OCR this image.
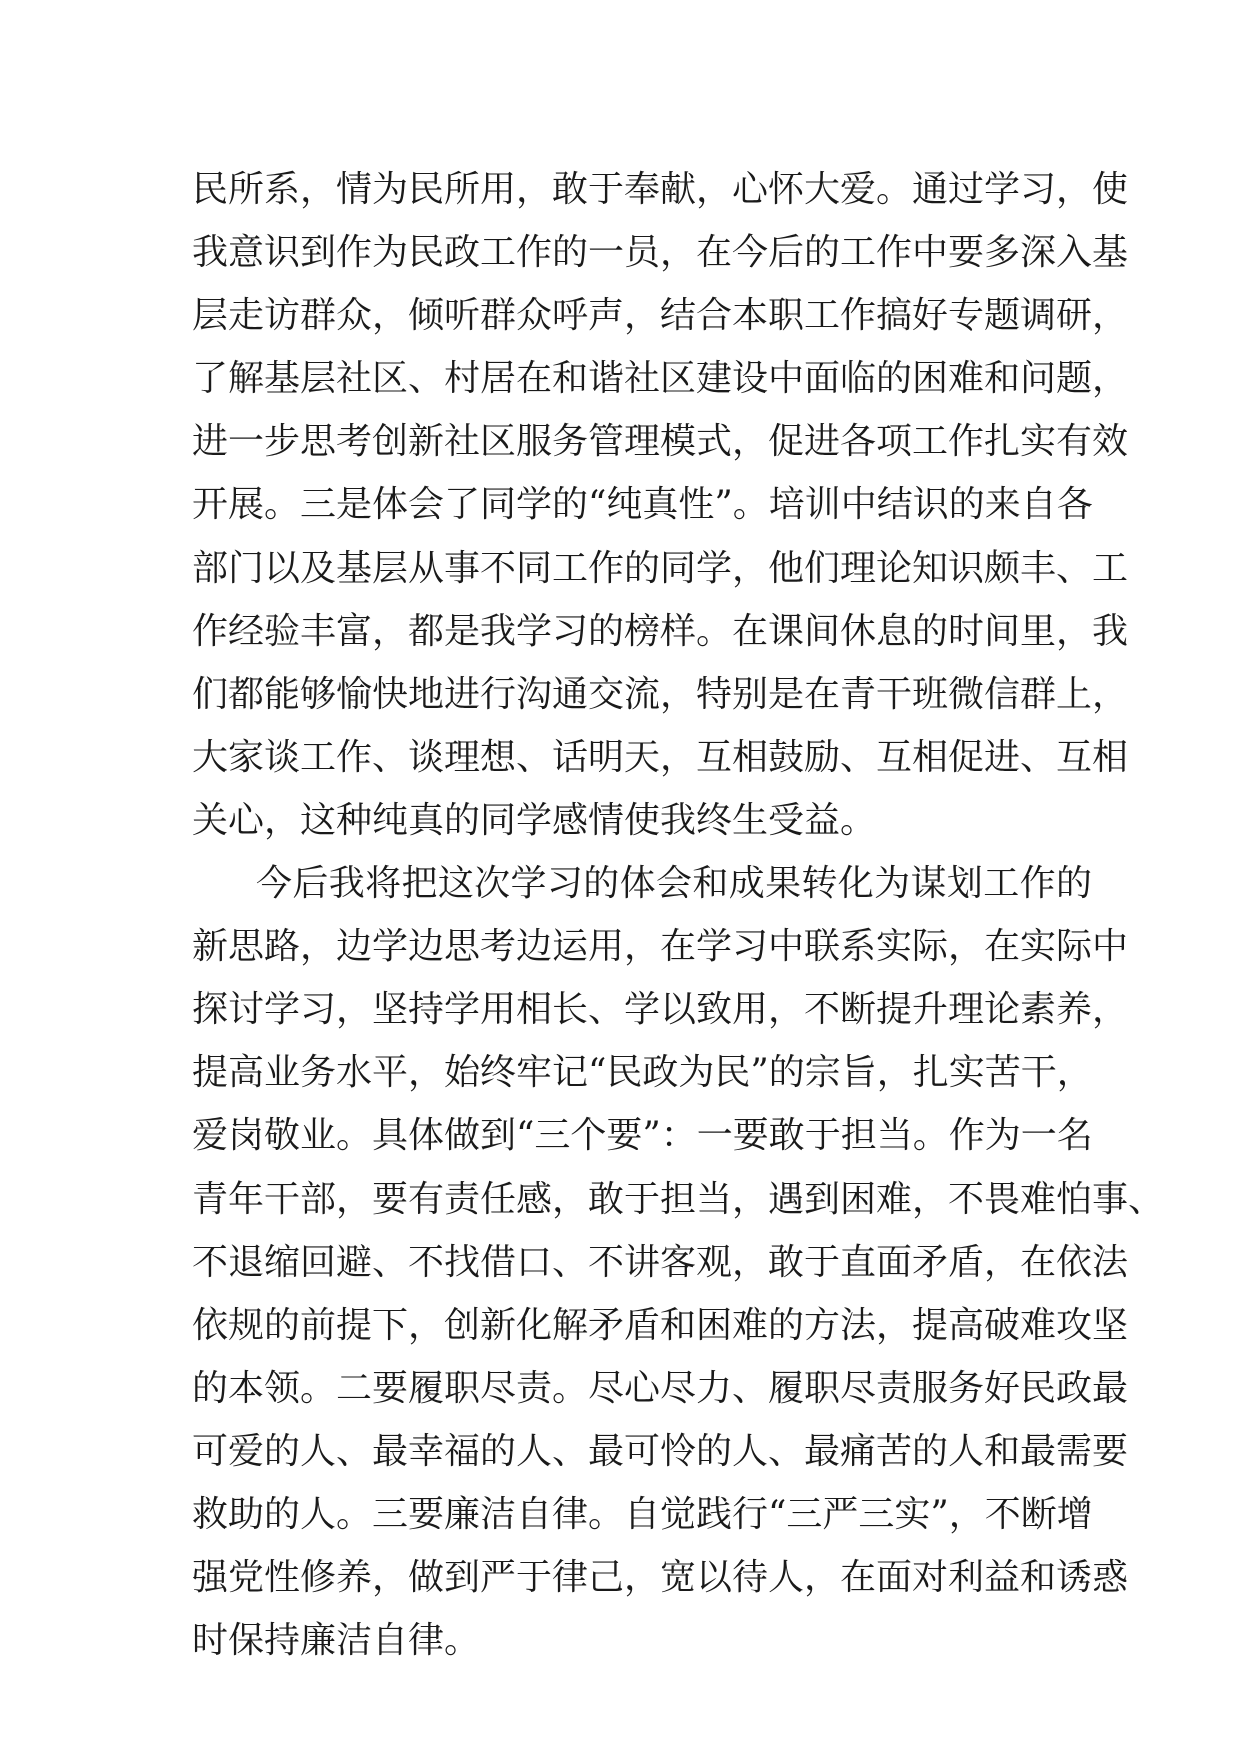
民所系，情为民所用，敢于奉献，心怀大爱。通过学习，使
我意识到作为民政工作的一员，在今后的工作中要多深入基
层走访群众，倾听群众呼声，结合本职工作搞好专题调研，
了解基层社区、村居在和谐社区建设中面临的困难和问题，
进一步思考创新社区服务管理模式，促进各项工作扎实有效
开展。三是体会了同学的“纯真性”。培训中结识的来自各
部门以及基层从事不同工作的同学，他们理论知识颇丰、工
作经验丰富，都是我学习的榜样。在课间休息的时间里，我
们都能够愉快地进行沟通交流，特别是在青干班微信群上，
大家谈工作、谈理想、话明天，互相鼓励、互相促进、互相
关心，这种纯真的同学感情使我终生受益。
今后我将把这次学习的体会和成果转化为谋划工作的
新思路，边学边思考边运用，在学习中联系实际，在实际中
探讨学习，坚持学用相长、学以致用，不断提升理论素养，
提高业务水平，始终牢记“民政为民”的宗旨，扎实苦干，
爱岗敬业。具体做到“三个要”：一要敢于担当。作为一名
青年干部，要有责任感，敢于担当，遇到困难，不畏难怕事、
不退缩回避、不找借口、不讲客观，敢于直面矛盾，在依法
依规的前提下，创新化解矛盾和困难的方法，提高破难攻坚
的本领。二要履职尽责。尽心尽力、履职尽责服务好民政最
可爱的人、最幸福的人、最可怜的人、最痛苦的人和最需要
救助的人。三要廉洁自律。自觉践行“三严三实”，不断增
强党性修养，做到严于律己，宽以待人，在面对利益和诱惑
时保持廉洁自律。
